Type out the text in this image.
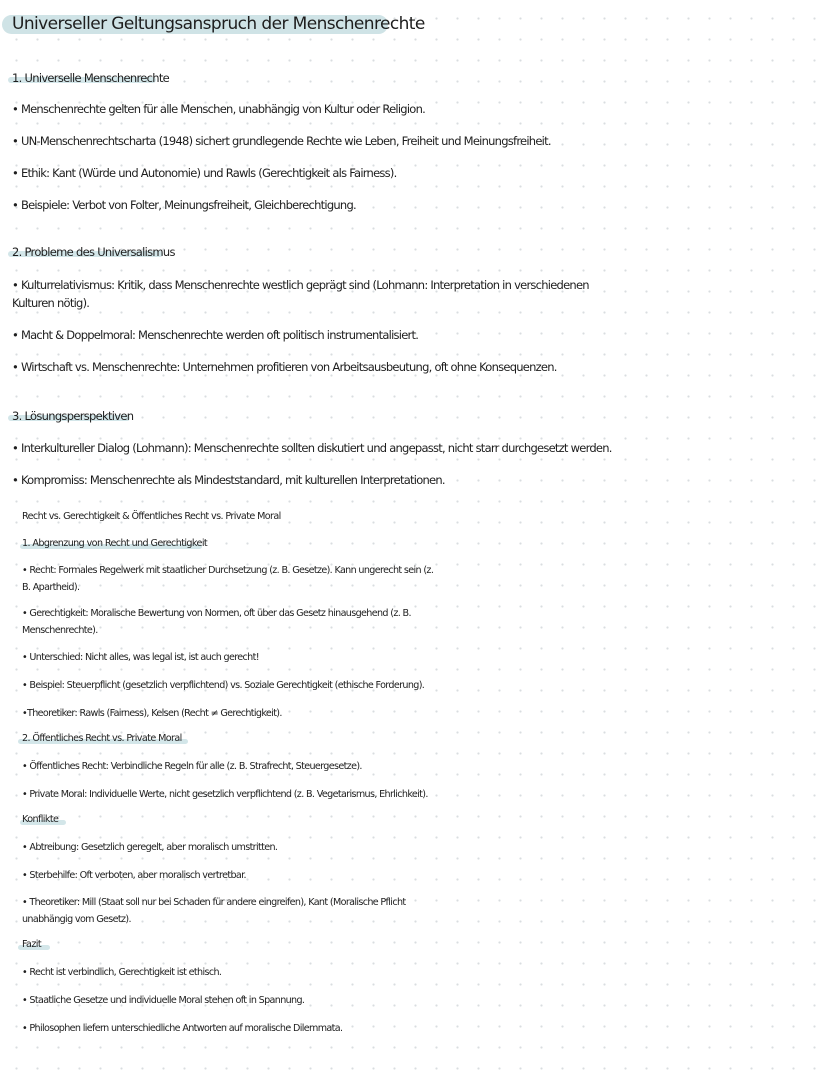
Universeller Geltungsanspruch der Menschenrechte
1. Universelle Menschenrechte

• Menschenrechte gelten für alle Menschen, unabhängig von Kultur oder Religion.

• UN-Menschenrechtscharta (1948) sichert grundlegende Rechte wie Leben, Freiheit und Meinungsfreiheit.

• Ethik: Kant (Würde und Autonomie) und Rawls (Gerechtigkeit als Fairness).

• Beispiele: Verbot von Folter, Meinungsfreiheit, Gleichberechtigung.

2. Probleme des Universalismus

• Kulturrelativismus: Kritik, dass Menschenrechte westlich geprägt sind (Lohmann: Interpretation in verschiedenen

Kulturen nötig).

• Macht & Doppelmoral: Menschenrechte werden oft politisch instrumentalisiert.

• Wirtschaft vs. Menschenrechte: Unternehmen profitieren von Arbeitsausbeutung, oft ohne Konsequenzen.

3. Lösungsperspektiven

• Interkultureller Dialog (Lohmann): Menschenrechte sollten diskutiert und angepasst, nicht starr durchgesetzt werden.

• Kompromiss: Menschenrechte als Mindeststandard, mit kulturellen Interpretationen.

Recht vs. Gerechtigkeit & Öffentliches Recht vs. Private Moral
1. Abgrenzung von Recht und Gerechtigkeit

• Recht: Formales Regelwerk mit staatlicher Durchsetzung (z. B. Gesetze). Kann ungerecht sein (z.

B. Apartheid).

• Gerechtigkeit: Moralische Bewertung von Normen, oft über das Gesetz hinausgehend (z. B.

Menschenrechte).

• Unterschied: Nicht alles, was legal ist, ist auch gerecht!

• Beispiel: Steuerpflicht (gesetzlich verpflichtend) vs. Soziale Gerechtigkeit (ethische Forderung).

•Theoretiker: Rawls (Fairness), Kelsen (Recht ≠ Gerechtigkeit).

2. Öffentliches Recht vs. Private Moral

• Öffentliches Recht: Verbindliche Regeln für alle (z. B. Strafrecht, Steuergesetze).

• Private Moral: Individuelle Werte, nicht gesetzlich verpflichtend (z. B. Vegetarismus, Ehrlichkeit).

Konflikte

• Abtreibung: Gesetzlich geregelt, aber moralisch umstritten.

• Sterbehilfe: Oft verboten, aber moralisch vertretbar.

• Theoretiker: Mill (Staat soll nur bei Schaden für andere eingreifen), Kant (Moralische Pflicht

unabhängig vom Gesetz).

Fazit

• Recht ist verbindlich, Gerechtigkeit ist ethisch.

• Staatliche Gesetze und individuelle Moral stehen oft in Spannung.

• Philosophen liefern unterschiedliche Antworten auf moralische Dilemmata.
